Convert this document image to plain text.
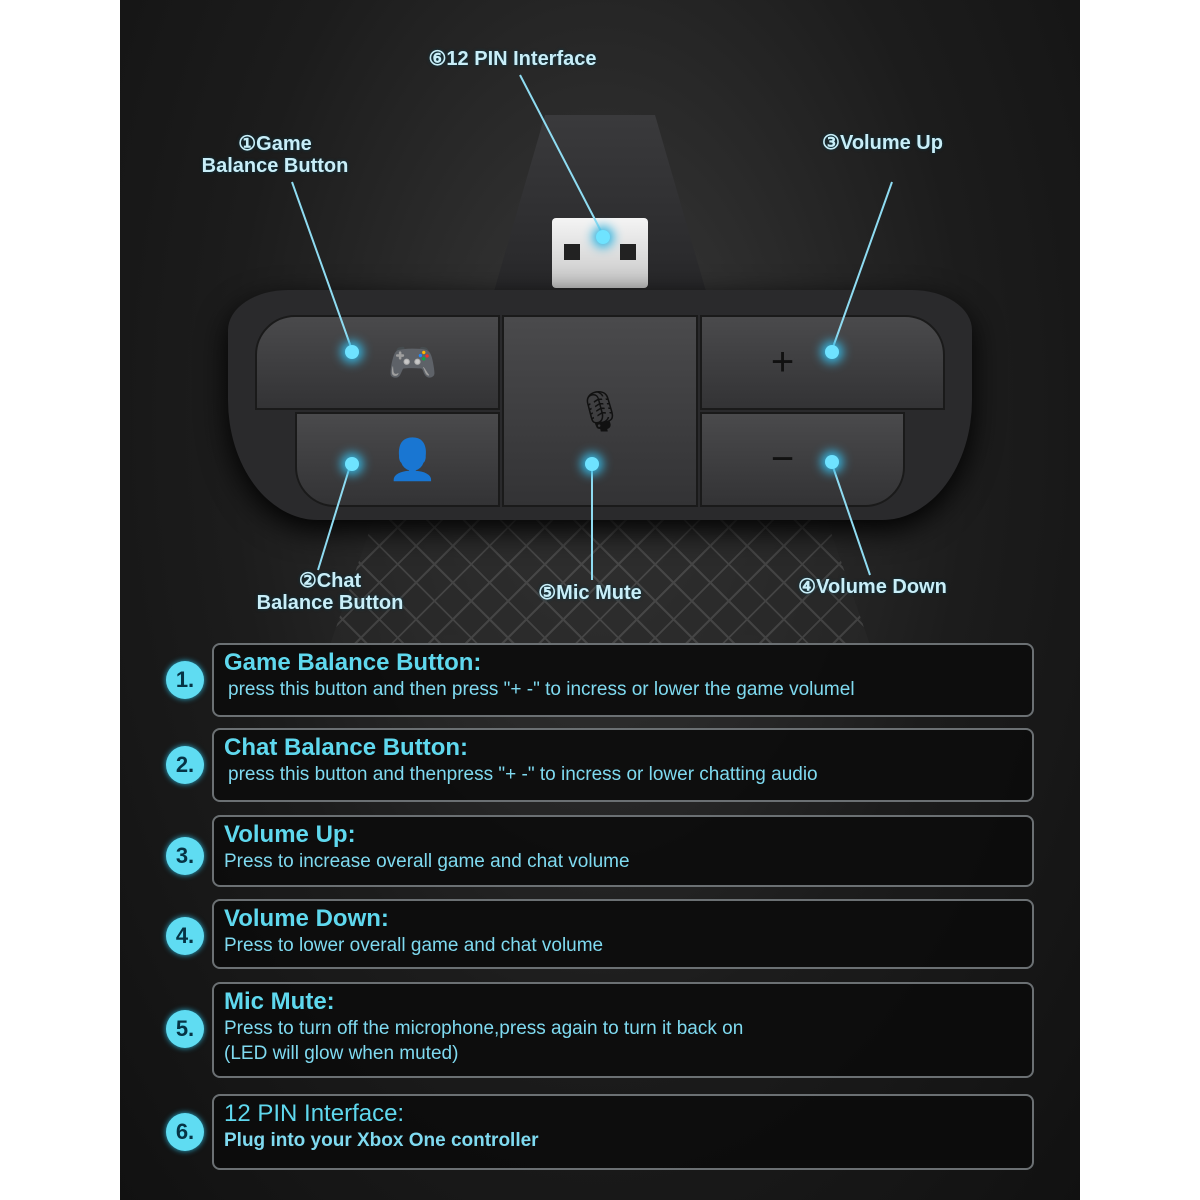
🎮
👤
🎙
+
−
⑥12 PIN Interface
①Game
Balance Button
③Volume Up
②Chat
Balance Button	⑤Mic Mute	④Volume Down
1.
Game Balance Button:
press this button and then press "+ -" to incress or lower the game volumel
2.
Chat Balance Button:
press this button and thenpress "+ -" to incress or lower chatting audio
3.
Volume Up:
Press to increase overall game and chat volume
4.
Volume Down:
Press to lower overall game and chat volume
5.
Mic Mute:
Press to turn off the microphone,press again to turn it back on
(LED will glow when muted)
6.
12 PIN Interface:
Plug into your Xbox One controller
